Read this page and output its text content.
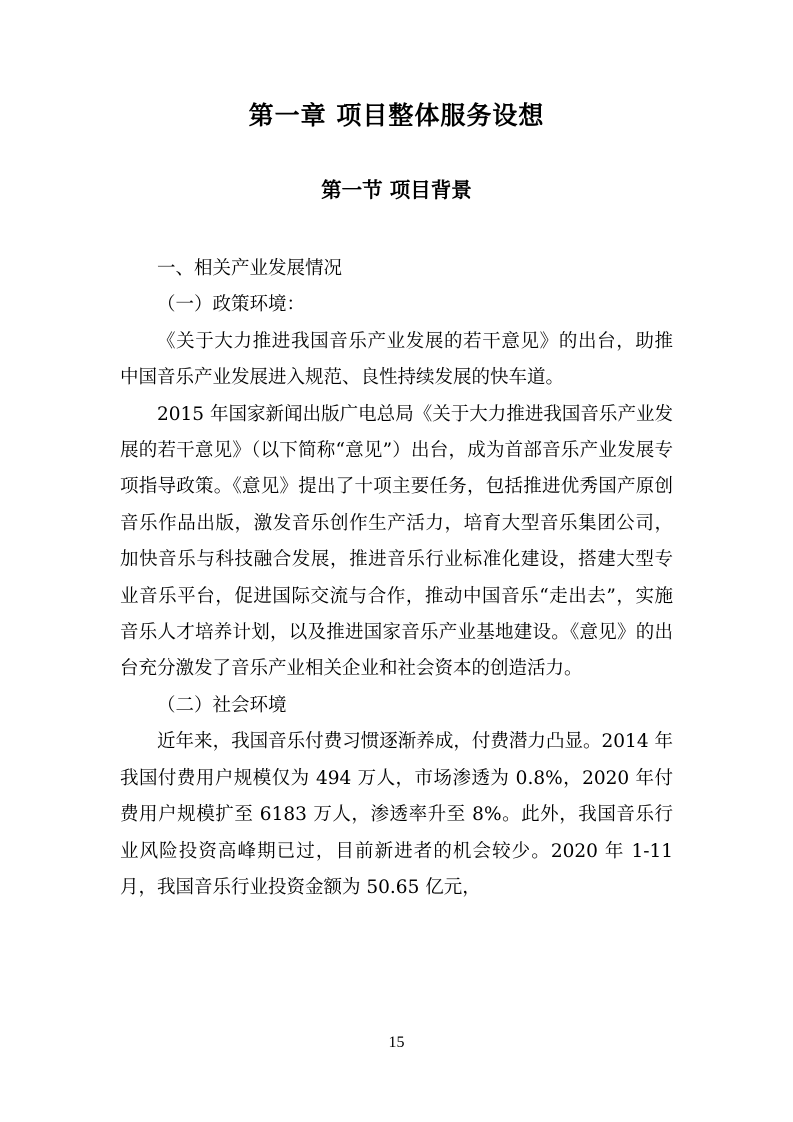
第一章 项目整体服务设想
第一节 项目背景

一、相关产业发展情况

（一）政策环境：

《关于大力推进我国音乐产业发展的若干意见》的出台，助推中国音乐产业发展进入规范、良性持续发展的快车道。

2015 年国家新闻出版广电总局《关于大力推进我国音乐产业发展的若干意见》（以下简称“意见”）出台，成为首部音乐产业发展专项指导政策。《意见》提出了十项主要任务，包括推进优秀国产原创音乐作品出版，激发音乐创作生产活力，培育大型音乐集团公司，加快音乐与科技融合发展，推进音乐行业标准化建设，搭建大型专业音乐平台，促进国际交流与合作，推动中国音乐“走出去”，实施音乐人才培养计划，以及推进国家音乐产业基地建设。《意见》的出台充分激发了音乐产业相关企业和社会资本的创造活力。

（二）社会环境

近年来，我国音乐付费习惯逐渐养成，付费潜力凸显。2014 年我国付费用户规模仅为 494 万人，市场渗透为 0.8%，2020 年付费用户规模扩至 6183 万人，渗透率升至 8%。此外，我国音乐行业风险投资高峰期已过，目前新进者的机会较少。2020 年 1-11 月，我国音乐行业投资金额为 50.65 亿元，

15
